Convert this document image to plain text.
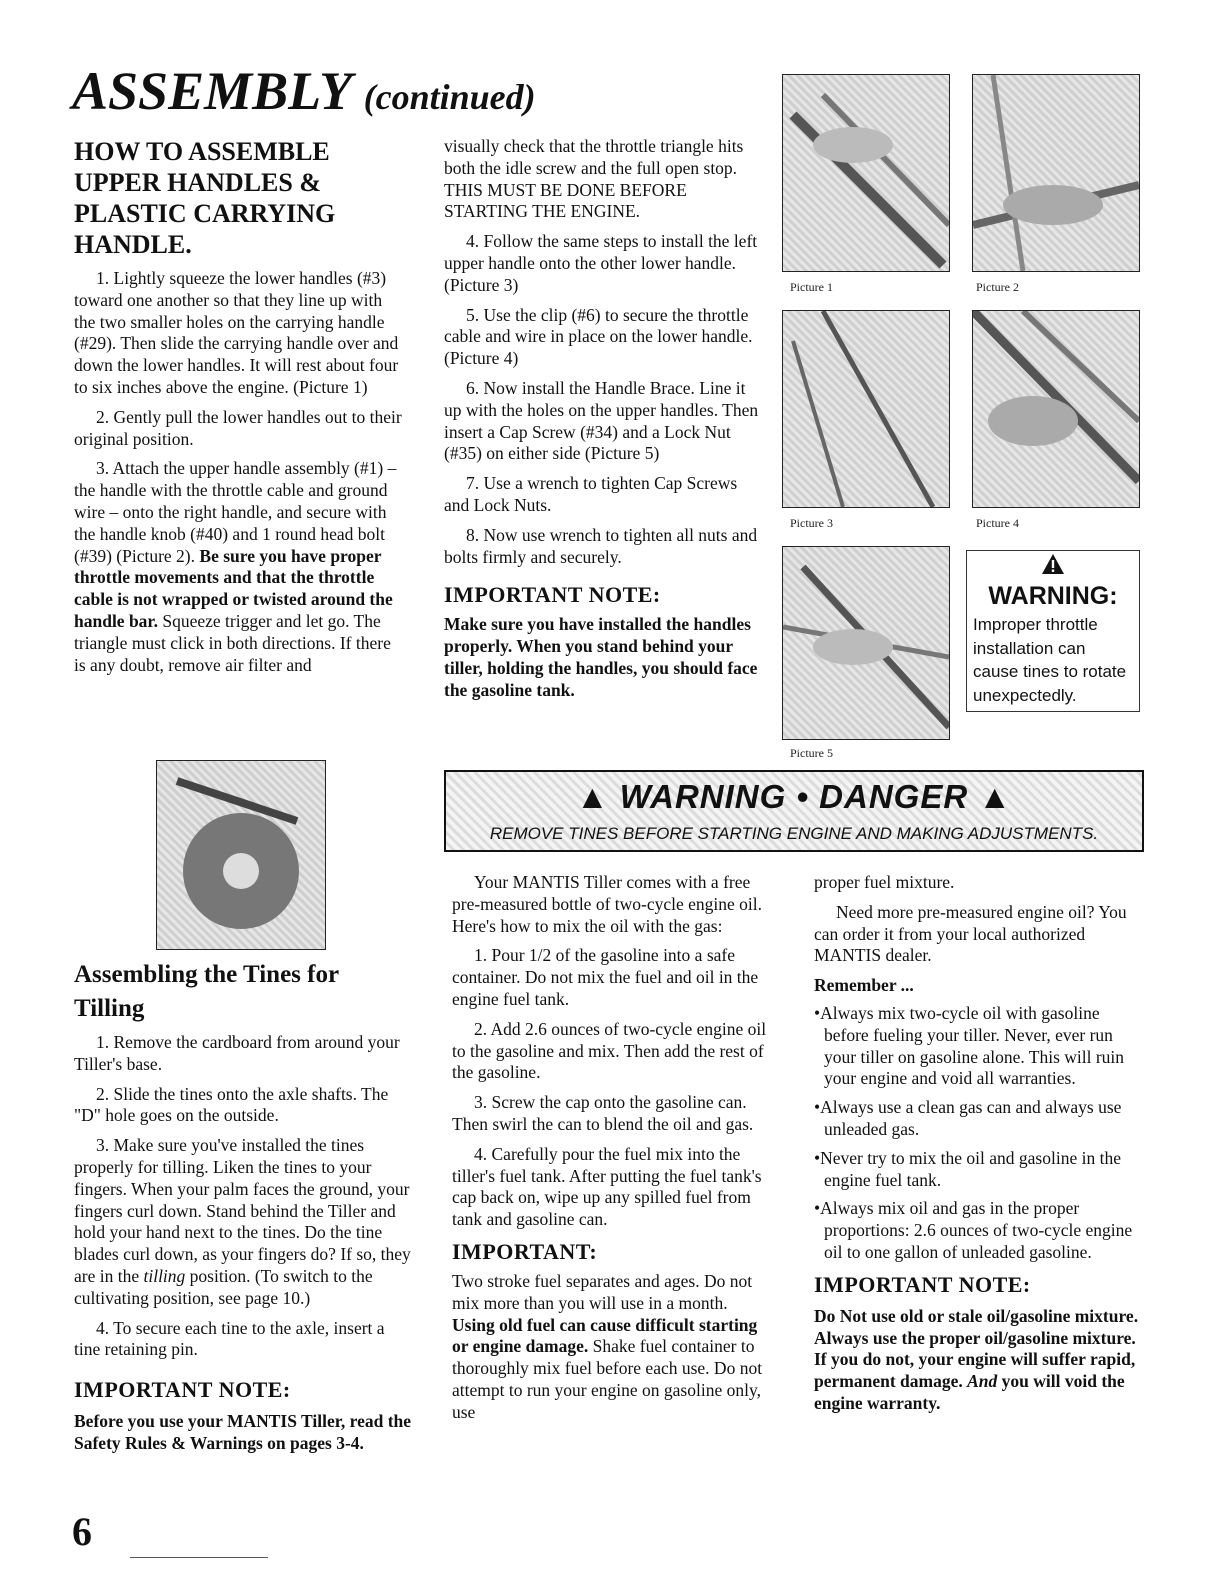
ASSEMBLY (continued)
HOW TO ASSEMBLE
UPPER HANDLES &
PLASTIC CARRYING
HANDLE.

1. Lightly squeeze the lower handles (#3) toward one another so that they line up with the two smaller holes on the carrying handle (#29). Then slide the carrying handle over and down the lower handles. It will rest about four to six inches above the engine. (Picture 1)

2. Gently pull the lower handles out to their original position.

3. Attach the upper handle assembly (#1) – the handle with the throttle cable and ground wire – onto the right handle, and secure with the handle knob (#40) and 1 round head bolt (#39) (Picture 2). Be sure you have proper throttle movements and that the throttle cable is not wrapped or twisted around the handle bar. Squeeze trigger and let go. The triangle must click in both directions. If there is any doubt, remove air filter and

visually check that the throttle triangle hits both the idle screw and the full open stop. THIS MUST BE DONE BEFORE STARTING THE ENGINE.

4. Follow the same steps to install the left upper handle onto the other lower handle. (Picture 3)

5. Use the clip (#6) to secure the throttle cable and wire in place on the lower handle. (Picture 4)

6. Now install the Handle Brace. Line it up with the holes on the upper handles. Then insert a Cap Screw (#34) and a Lock Nut (#35) on either side (Picture 5)

7. Use a wrench to tighten Cap Screws and Lock Nuts.

8. Now use wrench to tighten all nuts and bolts firmly and securely.

IMPORTANT NOTE:

Make sure you have installed the handles properly. When you stand behind your tiller, holding the handles, you should face the gasoline tank.

Picture 1	Picture 2
Picture 3	Picture 4
Picture 5
WARNING:
Improper throttle installation can cause tines to rotate unexpectedly.
▲ WARNING • DANGER ▲
REMOVE TINES BEFORE STARTING ENGINE AND MAKING ADJUSTMENTS.
Assembling the Tines for
Tilling

1. Remove the cardboard from around your Tiller's base.

2. Slide the tines onto the axle shafts. The "D" hole goes on the outside.

3. Make sure you've installed the tines properly for tilling. Liken the tines to your fingers. When your palm faces the ground, your fingers curl down. Stand behind the Tiller and hold your hand next to the tines. Do the tine blades curl down, as your fingers do? If so, they are in the tilling position. (To switch to the cultivating position, see page 10.)

4. To secure each tine to the axle, insert a tine retaining pin.

IMPORTANT NOTE:

Before you use your MANTIS Tiller, read the Safety Rules & Warnings on pages 3-4.

Your MANTIS Tiller comes with a free pre-measured bottle of two-cycle engine oil. Here's how to mix the oil with the gas:

1. Pour 1/2 of the gasoline into a safe container. Do not mix the fuel and oil in the engine fuel tank.

2. Add 2.6 ounces of two-cycle engine oil to the gasoline and mix. Then add the rest of the gasoline.

3. Screw the cap onto the gasoline can. Then swirl the can to blend the oil and gas.

4. Carefully pour the fuel mix into the tiller's fuel tank. After putting the fuel tank's cap back on, wipe up any spilled fuel from tank and gasoline can.

IMPORTANT:

Two stroke fuel separates and ages. Do not mix more than you will use in a month. Using old fuel can cause difficult starting or engine damage. Shake fuel container to thoroughly mix fuel before each use. Do not attempt to run your engine on gasoline only, use

proper fuel mixture.

Need more pre-measured engine oil? You can order it from your local authorized MANTIS dealer.

Remember ...

•Always mix two-cycle oil with gasoline before fueling your tiller. Never, ever run your tiller on gasoline alone. This will ruin your engine and void all warranties.
•Always use a clean gas can and always use unleaded gas.
•Never try to mix the oil and gasoline in the engine fuel tank.
•Always mix oil and gas in the proper proportions: 2.6 ounces of two-cycle engine oil to one gallon of unleaded gasoline.
IMPORTANT NOTE:

Do Not use old or stale oil/gasoline mixture. Always use the proper oil/gasoline mixture. If you do not, your engine will suffer rapid, permanent damage. And you will void the engine warranty.

6
